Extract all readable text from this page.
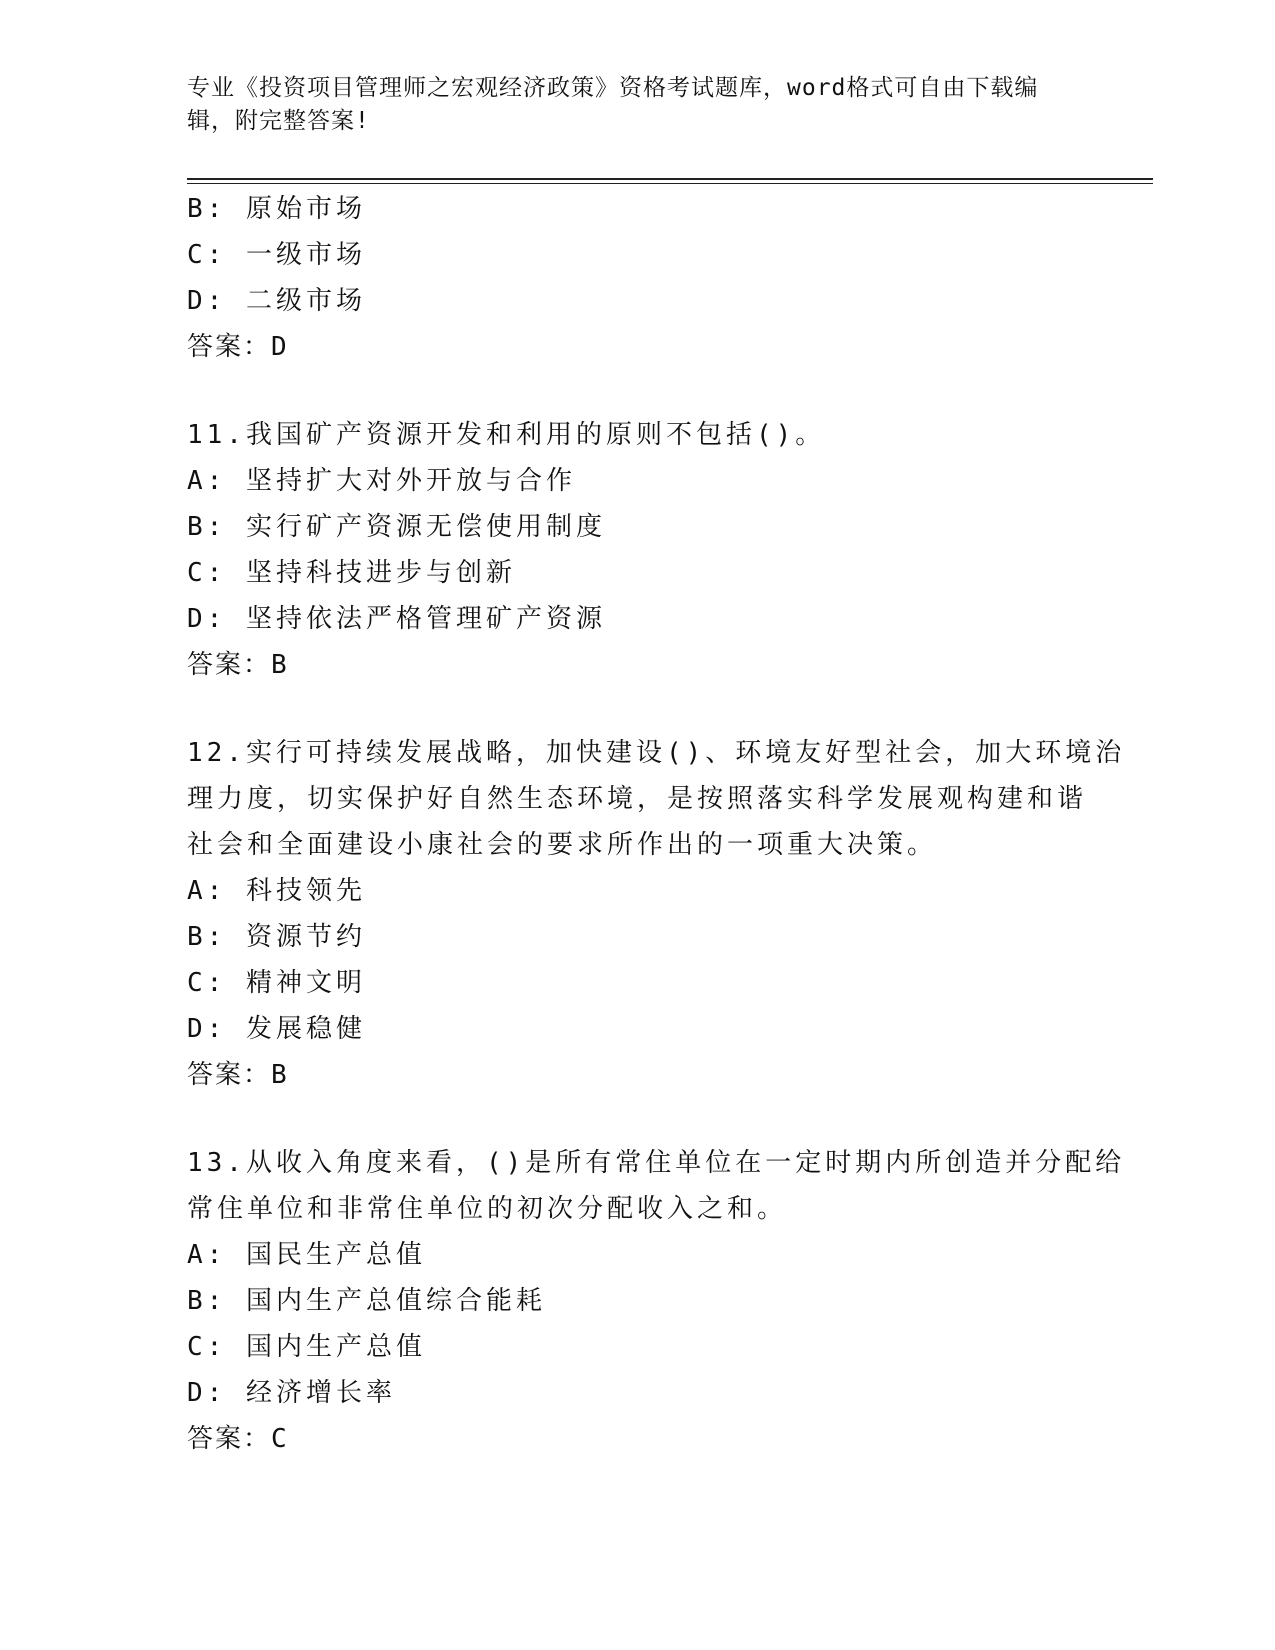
专业《投资项目管理师之宏观经济政策》资格考试题库，word格式可自由下载编
辑，附完整答案!
B: 原始市场
C: 一级市场
D: 二级市场
答案：D
11.我国矿产资源开发和利用的原则不包括()。
A: 坚持扩大对外开放与合作
B: 实行矿产资源无偿使用制度
C: 坚持科技进步与创新
D: 坚持依法严格管理矿产资源
答案：B
12.实行可持续发展战略，加快建设()、环境友好型社会，加大环境治
理力度，切实保护好自然生态环境，是按照落实科学发展观构建和谐
社会和全面建设小康社会的要求所作出的一项重大决策。
A: 科技领先
B: 资源节约
C: 精神文明
D: 发展稳健
答案：B
13.从收入角度来看，()是所有常住单位在一定时期内所创造并分配给
常住单位和非常住单位的初次分配收入之和。
A: 国民生产总值
B: 国内生产总值综合能耗
C: 国内生产总值
D: 经济增长率
答案：C
